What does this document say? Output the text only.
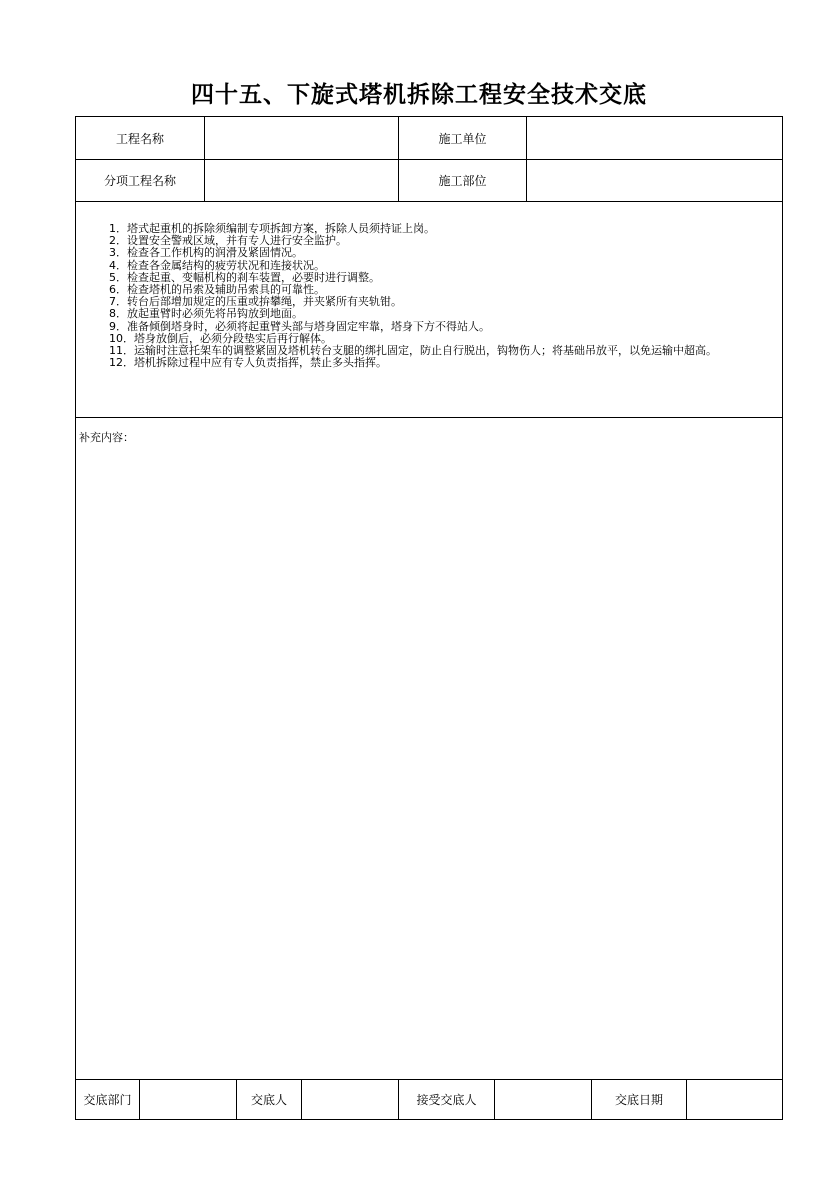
四十五、下旋式塔机拆除工程安全技术交底
工程名称	施工单位
分项工程名称	施工部位
1．塔式起重机的拆除须编制专项拆卸方案，拆除人员须持证上岗。
2．设置安全警戒区域，并有专人进行安全监护。
3．检查各工作机构的润滑及紧固情况。
4．检查各金属结构的疲劳状况和连接状况。
5．检查起重、变幅机构的刹车装置，必要时进行调整。
6．检查塔机的吊索及辅助吊索具的可靠性。
7．转台后部增加规定的压重或拚攀绳，并夹紧所有夹轨钳。
8．放起重臂时必须先将吊钩放到地面。
9．准备倾倒塔身时，必须将起重臂头部与塔身固定牢靠，塔身下方不得站人。
10．塔身放倒后，必须分段垫实后再行解体。
11．运输时注意托架车的调整紧固及塔机转台支腿的绑扎固定，防止自行脱出，钩物伤人；将基础吊放平，以免运输中超高。
12．塔机拆除过程中应有专人负责指挥，禁止多头指挥。
补充内容：
交底部门	交底人	接受交底人	交底日期
